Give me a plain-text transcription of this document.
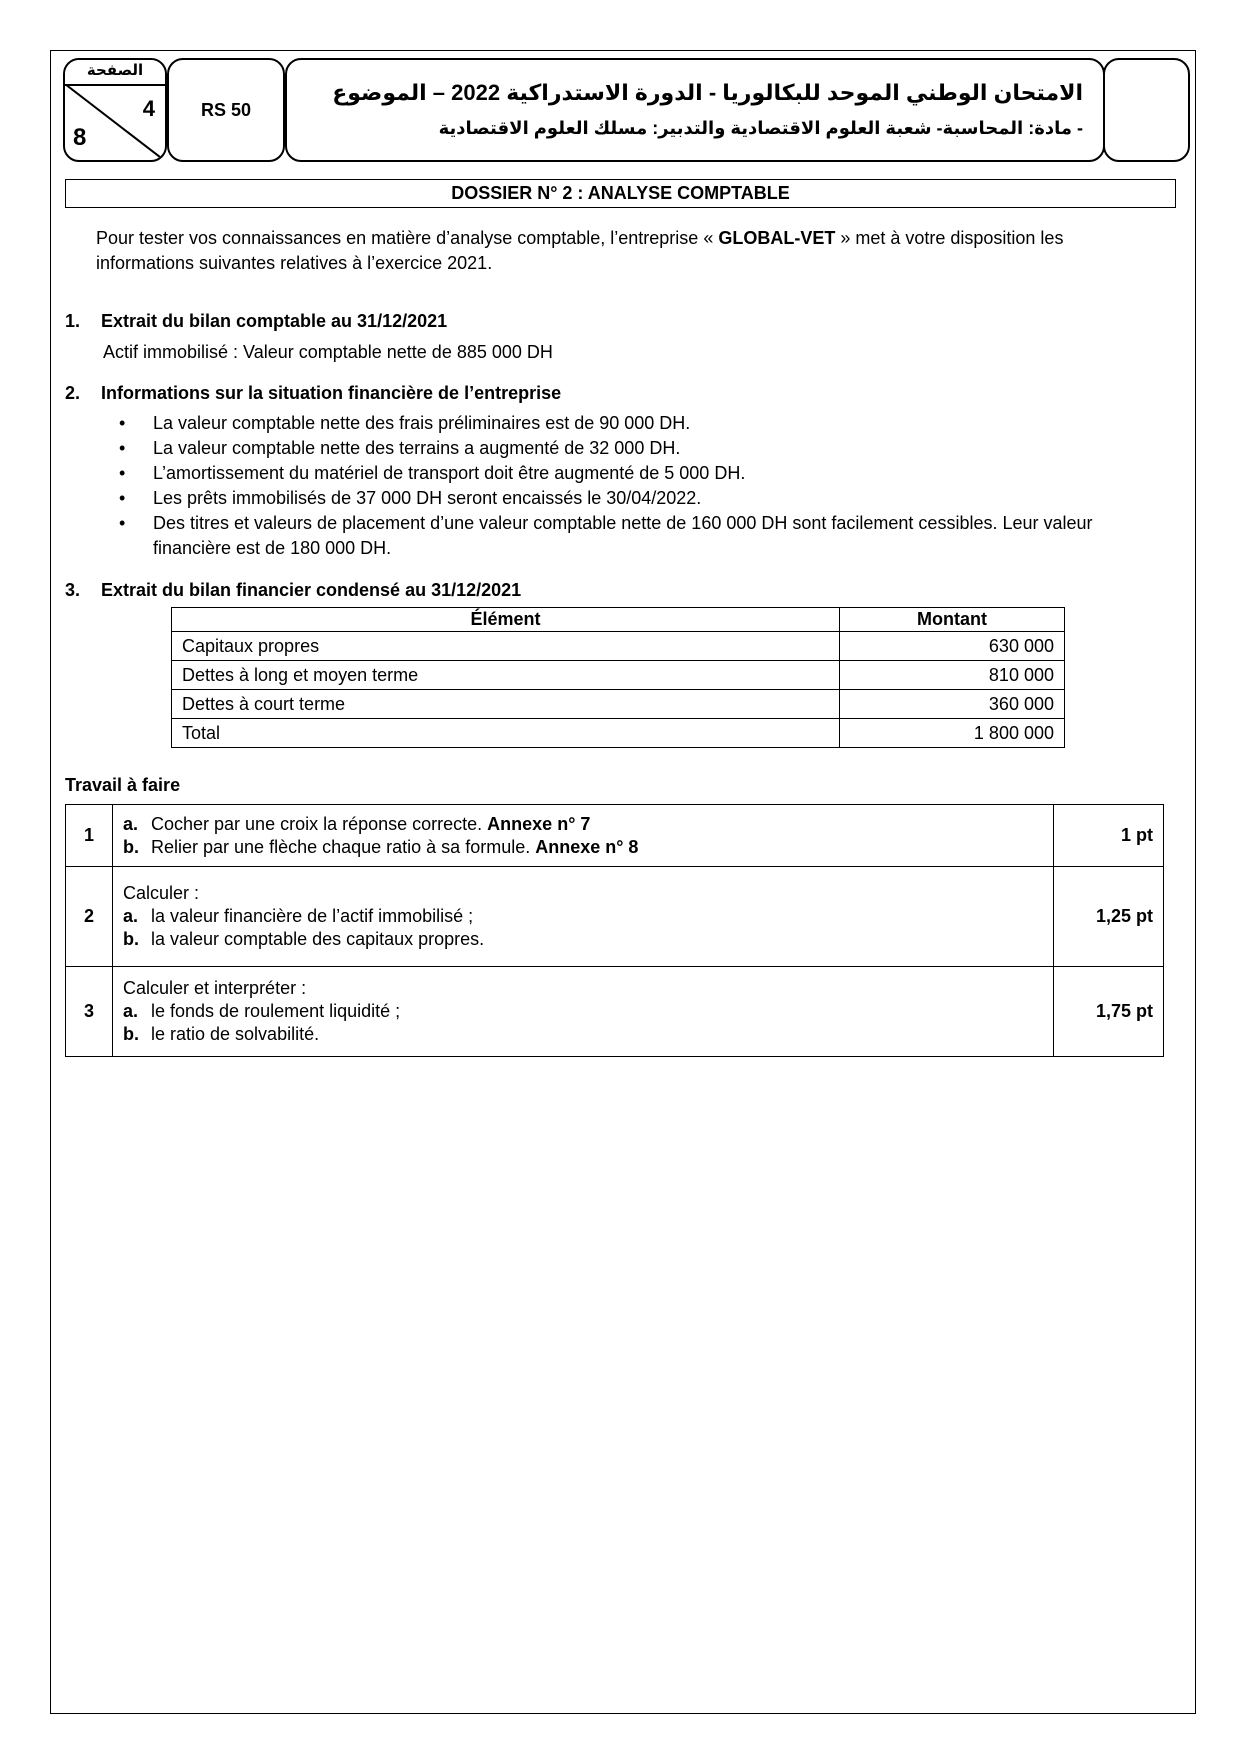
الصفحة
4
8
RS 50
الامتحان الوطني الموحد للبكالوريا - الدورة الاستدراكية 2022 – الموضوع
- مادة: المحاسبة- شعبة العلوم الاقتصادية والتدبير: مسلك العلوم الاقتصادية
DOSSIER N° 2 : ANALYSE COMPTABLE
Pour tester vos connaissances en matière d’analyse comptable, l’entreprise « GLOBAL-VET » met à votre disposition les informations suivantes relatives à l’exercice 2021.
1. Extrait du bilan comptable au 31/12/2021
Actif immobilisé : Valeur comptable nette de 885 000 DH
2. Informations sur la situation financière de l’entreprise
• La valeur comptable nette des frais préliminaires est de 90 000 DH.
• La valeur comptable nette des terrains a augmenté de 32 000 DH.
• L’amortissement du matériel de transport doit être augmenté de 5 000 DH.
• Les prêts immobilisés de 37 000 DH seront encaissés le 30/04/2022.
• Des titres et valeurs de placement d’une valeur comptable nette de 160 000 DH sont facilement cessibles. Leur valeur financière est de 180 000 DH.
3. Extrait du bilan financier condensé au 31/12/2021
Élément	Montant
Capitaux propres	630 000
Dettes à long et moyen terme	810 000
Dettes à court terme	360 000
Total	1 800 000
Travail à faire
1	a. Cocher par une croix la réponse correcte. Annexe n° 7
b. Relier par une flèche chaque ratio à sa formule. Annexe n° 8	1 pt
2	Calculer :
a. la valeur financière de l’actif immobilisé ;
b. la valeur comptable des capitaux propres.	1,25 pt
3	Calculer et interpréter :
a. le fonds de roulement liquidité ;
b. le ratio de solvabilité.	1,75 pt
